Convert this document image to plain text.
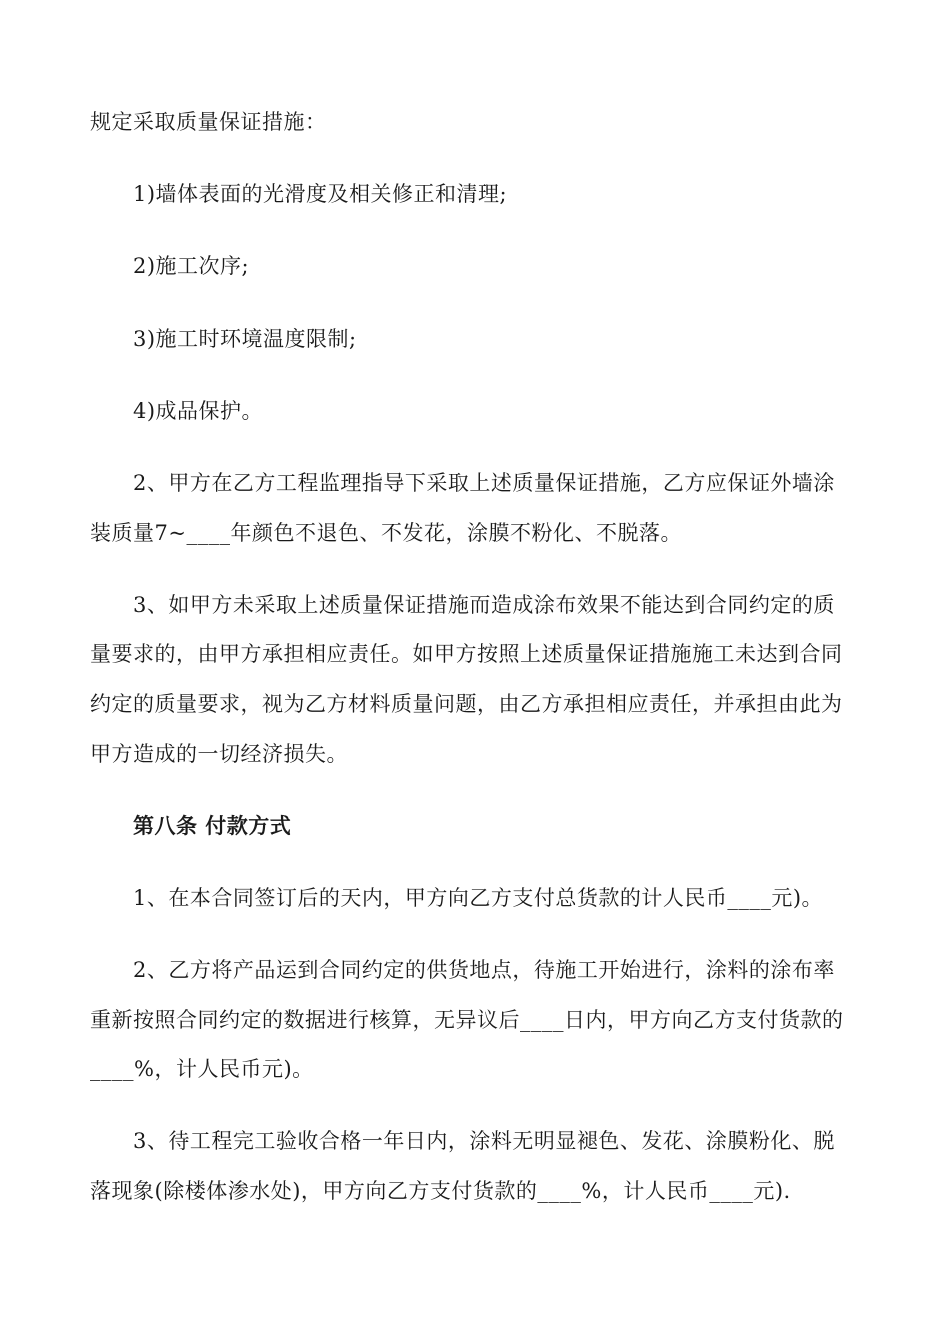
规定采取质量保证措施：
1)墙体表面的光滑度及相关修正和清理;
2)施工次序;
3)施工时环境温度限制;
4)成品保护。
2、甲方在乙方工程监理指导下采取上述质量保证措施，乙方应保证外墙涂
装质量7~____年颜色不退色、不发花，涂膜不粉化、不脱落。
3、如甲方未采取上述质量保证措施而造成涂布效果不能达到合同约定的质
量要求的，由甲方承担相应责任。如甲方按照上述质量保证措施施工未达到合同
约定的质量要求，视为乙方材料质量问题，由乙方承担相应责任，并承担由此为
甲方造成的一切经济损失。
第八条 付款方式
1、在本合同签订后的天内，甲方向乙方支付总货款的计人民币____元)。
2、乙方将产品运到合同约定的供货地点，待施工开始进行，涂料的涂布率
重新按照合同约定的数据进行核算，无异议后____日内，甲方向乙方支付货款的
____%，计人民币元)。
3、待工程完工验收合格一年日内，涂料无明显褪色、发花、涂膜粉化、脱
落现象(除楼体渗水处)，甲方向乙方支付货款的____%，计人民币____元).
